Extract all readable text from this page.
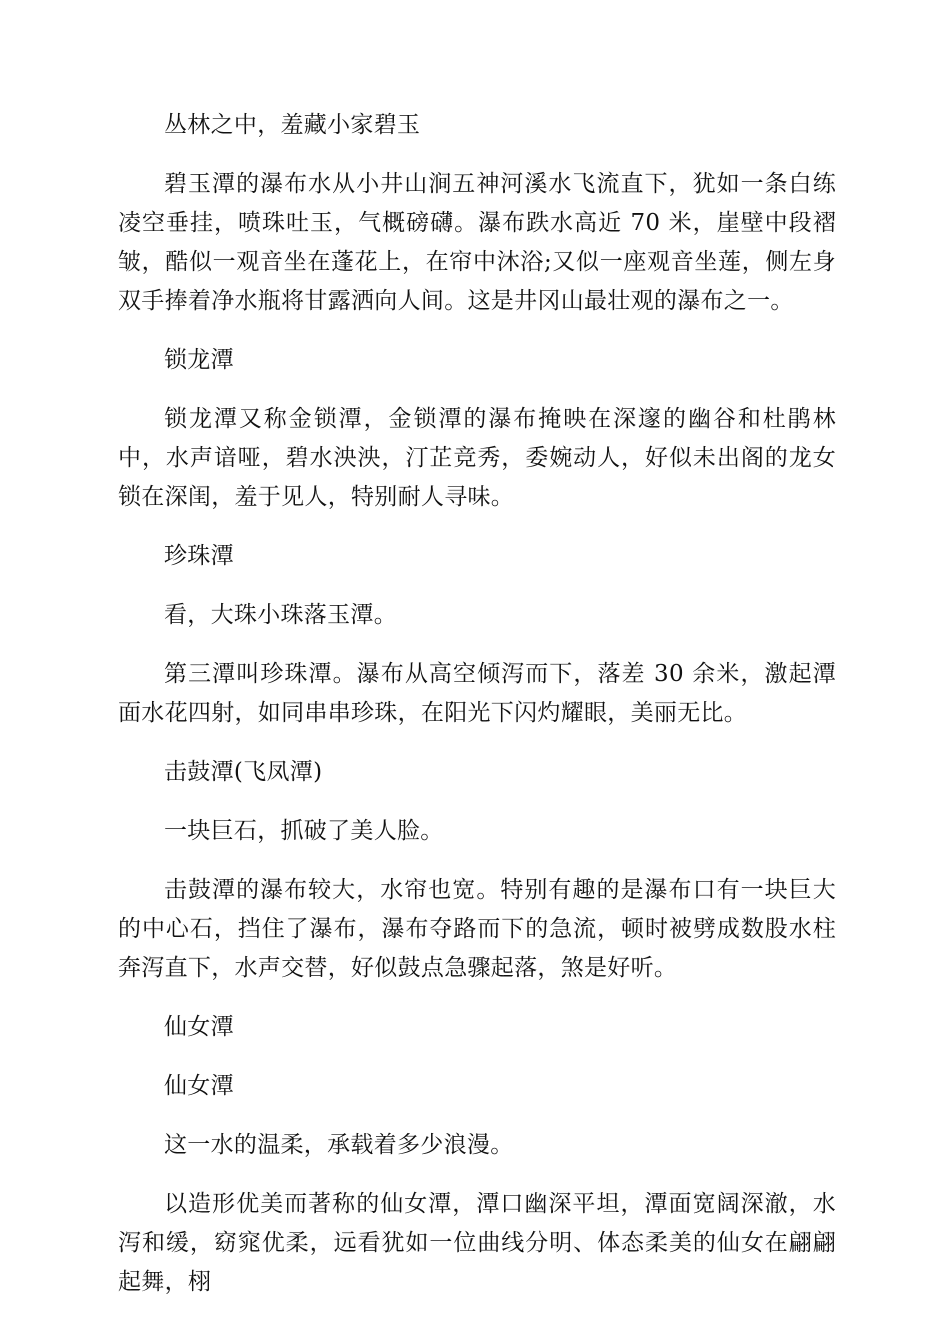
丛林之中，羞藏小家碧玉

碧玉潭的瀑布水从小井山涧五神河溪水飞流直下，犹如一条白练凌空垂挂，喷珠吐玉，气概磅礴。瀑布跌水高近 70 米，崖壁中段褶皱，酷似一观音坐在蓬花上，在帘中沐浴;又似一座观音坐莲，侧左身双手捧着净水瓶将甘露洒向人间。这是井冈山最壮观的瀑布之一。

锁龙潭

锁龙潭又称金锁潭，金锁潭的瀑布掩映在深邃的幽谷和杜鹃林中，水声谙哑，碧水泱泱，汀芷竞秀，委婉动人，好似未出阁的龙女锁在深闺，羞于见人，特别耐人寻味。

珍珠潭

看，大珠小珠落玉潭。

第三潭叫珍珠潭。瀑布从高空倾泻而下，落差 30 余米，激起潭面水花四射，如同串串珍珠，在阳光下闪灼耀眼，美丽无比。

击鼓潭(飞凤潭)

一块巨石，抓破了美人脸。

击鼓潭的瀑布较大，水帘也宽。特别有趣的是瀑布口有一块巨大的中心石，挡住了瀑布，瀑布夺路而下的急流，顿时被劈成数股水柱奔泻直下，水声交替，好似鼓点急骤起落，煞是好听。

仙女潭

仙女潭

这一水的温柔，承载着多少浪漫。

以造形优美而著称的仙女潭，潭口幽深平坦，潭面宽阔深澈，水泻和缓，窈窕优柔，远看犹如一位曲线分明、体态柔美的仙女在翩翩起舞，栩
